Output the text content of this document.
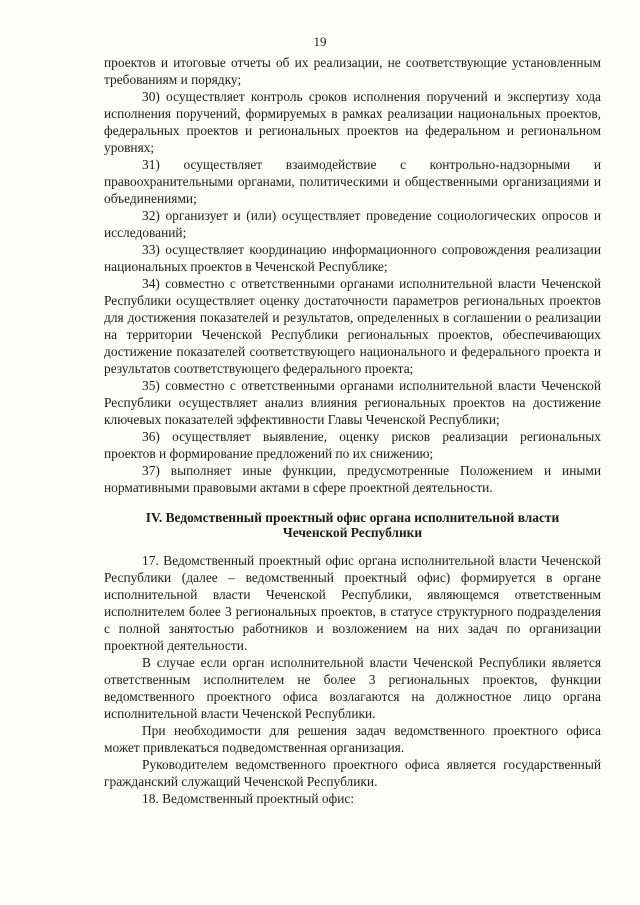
19

проектов и итоговые отчеты об их реализации, не соответствующие установленным требованиям и порядку;

30) осуществляет контроль сроков исполнения поручений и экспертизу хода исполнения поручений, формируемых в рамках реализации национальных проектов, федеральных проектов и региональных проектов на федеральном и региональном уровнях;

31) осуществляет взаимодействие с контрольно-надзорными и правоохранительными органами, политическими и общественными организациями и объединениями;

32) организует и (или) осуществляет проведение социологических опросов и исследований;

33) осуществляет координацию информационного сопровождения реализации национальных проектов в Чеченской Республике;

34) совместно с ответственными органами исполнительной власти Чеченской Республики осуществляет оценку достаточности параметров региональных проектов для достижения показателей и результатов, определенных в соглашении о реализации на территории Чеченской Республики региональных проектов, обеспечивающих достижение показателей соответствующего национального и федерального проекта и результатов соответствующего федерального проекта;

35) совместно с ответственными органами исполнительной власти Чеченской Республики осуществляет анализ влияния региональных проектов на достижение ключевых показателей эффективности Главы Чеченской Республики;

36) осуществляет выявление, оценку рисков реализации региональных проектов и формирование предложений по их снижению;

37) выполняет иные функции, предусмотренные Положением и иными нормативными правовыми актами в сфере проектной деятельности.

IV. Ведомственный проектный офис органа исполнительной власти
Чеченской Республики

17. Ведомственный проектный офис органа исполнительной власти Чеченской Республики (далее – ведомственный проектный офис) формируется в органе исполнительной власти Чеченской Республики, являющемся ответственным исполнителем более 3 региональных проектов, в статусе структурного подразделения с полной занятостью работников и возложением на них задач по организации проектной деятельности.

В случае если орган исполнительной власти Чеченской Республики является ответственным исполнителем не более 3 региональных проектов, функции ведомственного проектного офиса возлагаются на должностное лицо органа исполнительной власти Чеченской Республики.

При необходимости для решения задач ведомственного проектного офиса может привлекаться подведомственная организация.

Руководителем ведомственного проектного офиса является государственный гражданский служащий Чеченской Республики.

18. Ведомственный проектный офис:
